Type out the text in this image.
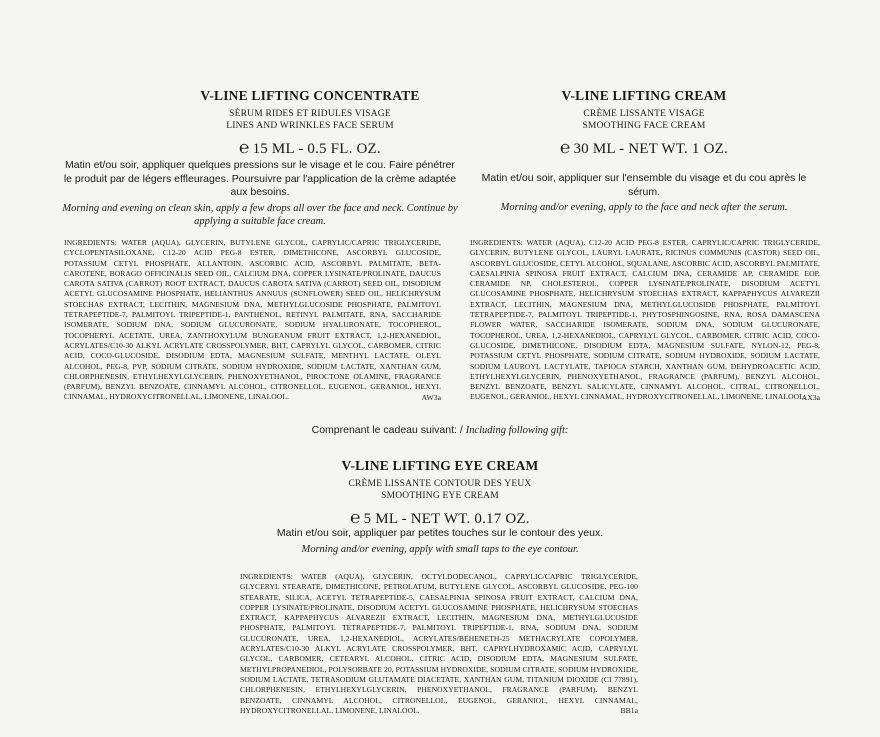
V-LINE LIFTING CONCENTRATE

SÉRUM RIDES ET RIDULES VISAGE

LINES AND WRINKLES FACE SERUM

℮ 15 ML - 0.5 FL. OZ.

Matin et/ou soir, appliquer quelques pressions sur le visage et le cou. Faire pénétrer le produit par de légers effleurages. Poursuivre par l'application de la crème adaptée aux besoins.

Morning and evening on clean skin, apply a few drops all over the face and neck. Continue by applying a suitable face cream.

INGREDIENTS: WATER (AQUA), GLYCERIN, BUTYLENE GLYCOL, CAPRYLIC/CAPRIC TRIGLYCERIDE, CYCLOPENTASILOXANE, C12-20 ACID PEG-8 ESTER, DIMETHICONE, ASCORBYL GLUCOSIDE, POTASSIUM CETYL PHOSPHATE, ALLANTOIN, ASCORBIC ACID, ASCORBYL PALMITATE, BETA-CAROTENE, BORAGO OFFICINALIS SEED OIL, CALCIUM DNA, COPPER LYSINATE/PROLINATE, DAUCUS CAROTA SATIVA (CARROT) ROOT EXTRACT, DAUCUS CAROTA SATIVA (CARROT) SEED OIL, DISODIUM ACETYL GLUCOSAMINE PHOSPHATE, HELIANTHUS ANNUUS (SUNFLOWER) SEED OIL, HELICHRYSUM STOECHAS EXTRACT, LECITHIN, MAGNESIUM DNA, METHYLGLUCOSIDE PHOSPHATE, PALMITOYL TETRAPEPTIDE-7, PALMITOYL TRIPEPTIDE-1, PANTHENOL, RETINYL PALMITATE, RNA, SACCHARIDE ISOMERATE, SODIUM DNA, SODIUM GLUCURONATE, SODIUM HYALURONATE, TOCOPHEROL, TOCOPHERYL ACETATE, UREA, ZANTHOXYLUM BUNGEANUM FRUIT EXTRACT, 1,2-HEXANEDIOL, ACRYLATES/C10-30 ALKYL ACRYLATE CROSSPOLYMER, BHT, CAPRYLYL GLYCOL, CARBOMER, CITRIC ACID, COCO-GLUCOSIDE, DISODIUM EDTA, MAGNESIUM SULFATE, MENTHYL LACTATE, OLEYL ALCOHOL, PEG-8, PVP, SODIUM CITRATE, SODIUM HYDROXIDE, SODIUM LACTATE, XANTHAN GUM, CHLORPHENESIN, ETHYLHEXYLGLYCERIN, PHENOXYETHANOL, PIROCTONE OLAMINE, FRAGRANCE (PARFUM), BENZYL BENZOATE, CINNAMYL ALCOHOL, CITRONELLOL, EUGENOL, GERANIOL, HEXYL CINNAMAL, HYDROXYCITRONELLAL, LIMONENE, LINALOOL.	AW3a

V-LINE LIFTING CREAM

CRÈME LISSANTE VISAGE

SMOOTHING FACE CREAM

℮ 30 ML - NET WT. 1 OZ.

Matin et/ou soir, appliquer sur l'ensemble du visage et du cou après le sérum.

Morning and/or evening, apply to the face and neck after the serum.

INGREDIENTS: WATER (AQUA), C12-20 ACID PEG-8 ESTER, CAPRYLIC/CAPRIC TRIGLYCERIDE, GLYCERIN, BUTYLENE GLYCOL, LAURYL LAURATE, RICINUS COMMUNIS (CASTOR) SEED OIL, ASCORBYL GLUCOSIDE, CETYL ALCOHOL, SQUALANE, ASCORBIC ACID, ASCORBYL PALMITATE, CAESALPINIA SPINOSA FRUIT EXTRACT, CALCIUM DNA, CERAMIDE AP, CERAMIDE EOP, CERAMIDE NP, CHOLESTEROL, COPPER LYSINATE/PROLINATE, DISODIUM ACETYL GLUCOSAMINE PHOSPHATE, HELICHRYSUM STOECHAS EXTRACT, KAPPAPHYCUS ALVAREZII EXTRACT, LECITHIN, MAGNESIUM DNA, METHYLGLUCOSIDE PHOSPHATE, PALMITOYL TETRAPEPTIDE-7, PALMITOYL TRIPEPTIDE-1, PHYTOSPHINGOSINE, RNA, ROSA DAMASCENA FLOWER WATER, SACCHARIDE ISOMERATE, SODIUM DNA, SODIUM GLUCURONATE, TOCOPHEROL, UREA, 1,2-HEXANEDIOL, CAPRYLYL GLYCOL, CARBOMER, CITRIC ACID, COCO-GLUCOSIDE, DIMETHICONE, DISODIUM EDTA, MAGNESIUM SULFATE, NYLON-12, PEG-8, POTASSIUM CETYL PHOSPHATE, SODIUM CITRATE, SODIUM HYDROXIDE, SODIUM LACTATE, SODIUM LAUROYL LACTYLATE, TAPIOCA STARCH, XANTHAN GUM, DEHYDROACETIC ACID, ETHYLHEXYLGLYCERIN, PHENOXYETHANOL, FRAGRANCE (PARFUM), BENZYL ALCOHOL, BENZYL BENZOATE, BENZYL SALICYLATE, CINNAMYL ALCOHOL, CITRAL, CITRONELLOL, EUGENOL, GERANIOL, HEXYL CINNAMAL, HYDROXYCITRONELLAL, LIMONENE, LINALOOL.
AX3a
Comprenant le cadeau suivant: / Including following gift:

V-LINE LIFTING EYE CREAM

CRÈME LISSANTE CONTOUR DES YEUX

SMOOTHING EYE CREAM

℮ 5 ML - NET WT. 0.17 OZ.

Matin et/ou soir, appliquer par petites touches sur le contour des yeux.

Morning and/or evening, apply with small taps to the eye contour.

INGREDIENTS: WATER (AQUA), GLYCERIN, OCTYLDODECANOL, CAPRYLIC/CAPRIC TRIGLYCERIDE, GLYCERYL STEARATE, DIMETHICONE, PETROLATUM, BUTYLENE GLYCOL, ASCORBYL GLUCOSIDE, PEG-100 STEARATE, SILICA, ACETYL TETRAPEPTIDE-5, CAESALPINIA SPINOSA FRUIT EXTRACT, CALCIUM DNA, COPPER LYSINATE/PROLINATE, DISODIUM ACETYL GLUCOSAMINE PHOSPHATE, HELICHRYSUM STOECHAS EXTRACT, KAPPAPHYCUS ALVAREZII EXTRACT, LECITHIN, MAGNESIUM DNA, METHYLGLUCOSIDE PHOSPHATE, PALMITOYL TETRAPEPTIDE-7, PALMITOYL TRIPEPTIDE-1, RNA, SODIUM DNA, SODIUM GLUCURONATE, UREA, 1,2-HEXANEDIOL, ACRYLATES/BEHENETH-25 METHACRYLATE COPOLYMER, ACRYLATES/C10-30 ALKYL ACRYLATE CROSSPOLYMER, BHT, CAPRYLHYDROXAMIC ACID, CAPRYLYL GLYCOL, CARBOMER, CETEARYL ALCOHOL, CITRIC ACID, DISODIUM EDTA, MAGNESIUM SULFATE, METHYLPROPANEDIOL, POLYSORBATE 20, POTASSIUM HYDROXIDE, SODIUM CITRATE, SODIUM HYDROXIDE, SODIUM LACTATE, TETRASODIUM GLUTAMATE DIACETATE, XANTHAN GUM, TITANIUM DIOXIDE (CI 77891), CHLORPHENESIN, ETHYLHEXYLGLYCERIN, PHENOXYETHANOL, FRAGRANCE (PARFUM), BENZYL BENZOATE, CINNAMYL ALCOHOL, CITRONELLOL, EUGENOL, GERANIOL, HEXYL CINNAMAL, HYDROXYCITRONELLAL, LIMONENE, LINALOOL.	BB1a
